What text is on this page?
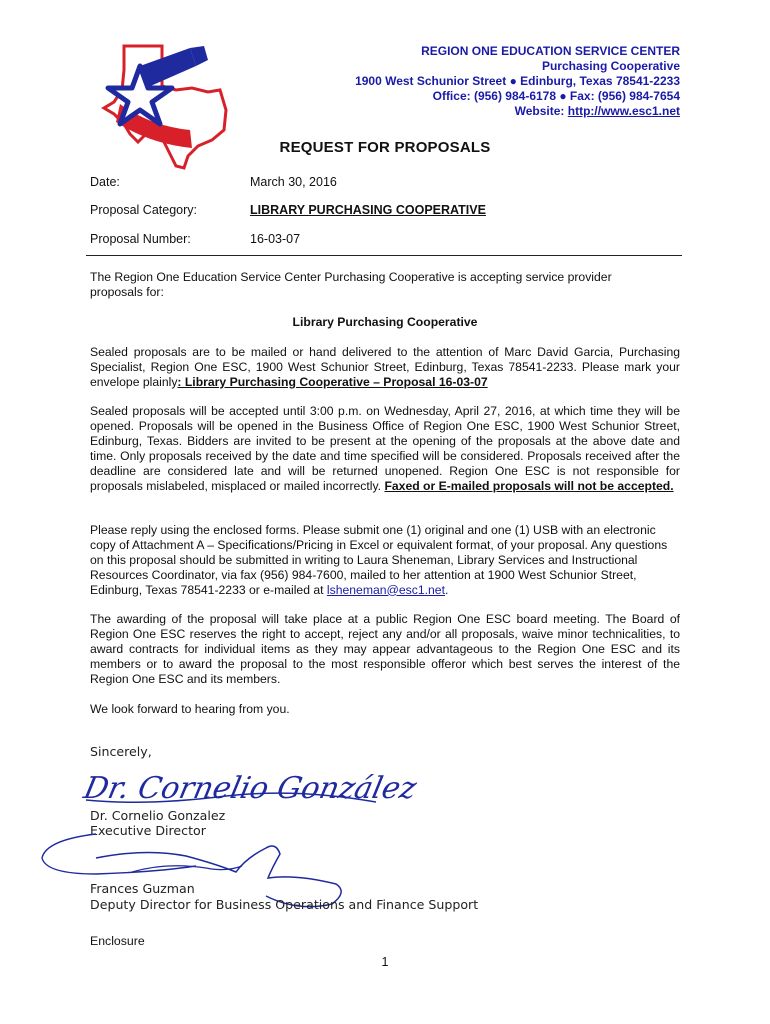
REGION ONE EDUCATION SERVICE CENTER
Purchasing Cooperative
1900 West Schunior Street ● Edinburg, Texas 78541-2233
Office: (956) 984-6178 ● Fax: (956) 984-7654
Website: http://www.esc1.net
REQUEST FOR PROPOSALS
Date:	March 30, 2016
Proposal Category:	LIBRARY PURCHASING COOPERATIVE
Proposal Number:	16-03-07

The Region One Education Service Center Purchasing Cooperative is accepting service provider proposals for:

Library Purchasing Cooperative

Sealed proposals are to be mailed or hand delivered to the attention of Marc David Garcia, Purchasing Specialist, Region One ESC, 1900 West Schunior Street, Edinburg, Texas 78541-2233. Please mark your envelope plainly: Library Purchasing Cooperative – Proposal 16-03-07

Sealed proposals will be accepted until 3:00 p.m. on Wednesday, April 27, 2016, at which time they will be opened. Proposals will be opened in the Business Office of Region One ESC, 1900 West Schunior Street, Edinburg, Texas. Bidders are invited to be present at the opening of the proposals at the above date and time. Only proposals received by the date and time specified will be considered. Proposals received after the deadline are considered late and will be returned unopened. Region One ESC is not responsible for proposals mislabeled, misplaced or mailed incorrectly. Faxed or E-mailed proposals will not be accepted.

Please reply using the enclosed forms. Please submit one (1) original and one (1) USB with an electronic copy of Attachment A – Specifications/Pricing in Excel or equivalent format, of your proposal. Any questions on this proposal should be submitted in writing to Laura Sheneman, Library Services and Instructional Resources Coordinator, via fax (956) 984-7600, mailed to her attention at 1900 West Schunior Street, Edinburg, Texas 78541-2233 or e-mailed at lsheneman@esc1.net.

The awarding of the proposal will take place at a public Region One ESC board meeting. The Board of Region One ESC reserves the right to accept, reject any and/or all proposals, waive minor technicalities, to award contracts for individual items as they may appear advantageous to the Region One ESC and its members or to award the proposal to the most responsible offeror which best serves the interest of the Region One ESC and its members.

We look forward to hearing from you.

Sincerely,
Dr. Cornelio González
Dr. Cornelio Gonzalez
Executive Director
Frances Guzman
Deputy Director for Business Operations and Finance Support
Enclosure
1
